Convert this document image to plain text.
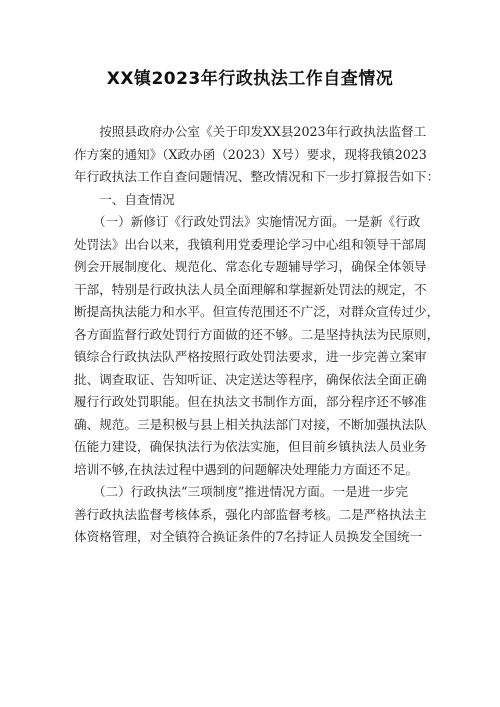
XX镇2023年行政执法工作自查情况
　　按照县政府办公室《关于印发XX县2023年行政执法监督工
作方案的通知》（X政办函（2023）X号）要求，现将我镇2023
年行政执法工作自查问题情况、整改情况和下一步打算报告如下：
　　一、自查情况
　　（一）新修订《行政处罚法》实施情况方面。一是新《行政
处罚法》出台以来，我镇利用党委理论学习中心组和领导干部周
例会开展制度化、规范化、常态化专题辅导学习，确保全体领导
干部，特别是行政执法人员全面理解和掌握新处罚法的规定，不
断提高执法能力和水平。但宣传范围还不广泛，对群众宣传过少，
各方面监督行政处罚行方面做的还不够。二是坚持执法为民原则，
镇综合行政执法队严格按照行政处罚法要求，进一步完善立案审
批、调查取证、告知听证、决定送达等程序，确保依法全面正确
履行行政处罚职能。但在执法文书制作方面，部分程序还不够准
确、规范。三是积极与县上相关执法部门对接，不断加强执法队
伍能力建设，确保执法行为依法实施，但目前乡镇执法人员业务
培训不够,在执法过程中遇到的问题解决处理能力方面还不足。
　　（二）行政执法“三项制度”推进情况方面。一是进一步完
善行政执法监督考核体系，强化内部监督考核。二是严格执法主
体资格管理，对全镇符合换证条件的7名持证人员换发全国统一
